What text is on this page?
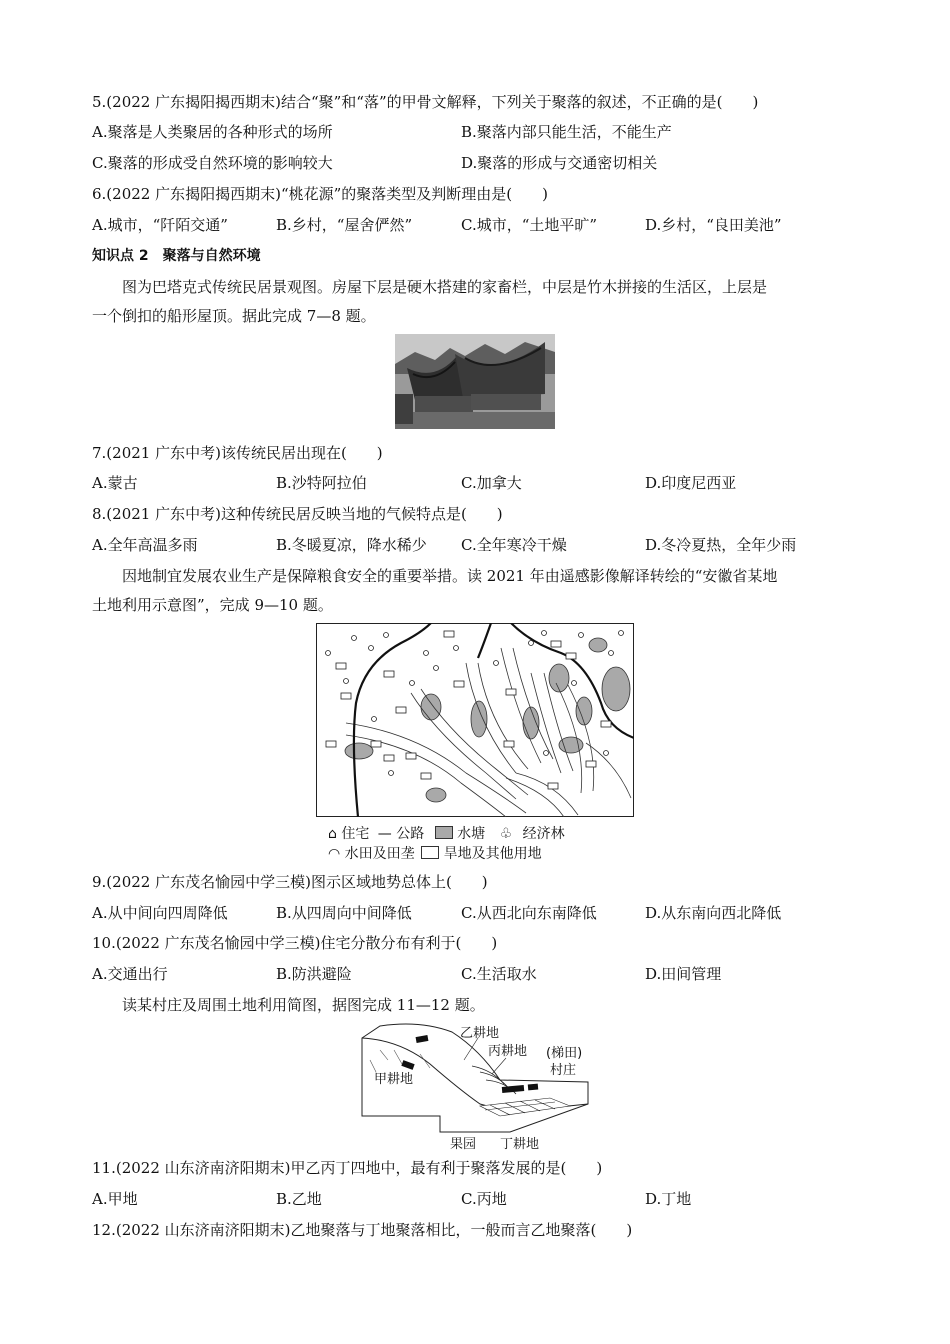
5.(2022 广东揭阳揭西期末)结合“聚”和“落”的甲骨文解释，下列关于聚落的叙述，不正确的是(　　)
A.聚落是人类聚居的各种形式的场所	B.聚落内部只能生活，不能生产
C.聚落的形成受自然环境的影响较大	D.聚落的形成与交通密切相关
6.(2022 广东揭阳揭西期末)“桃花源”的聚落类型及判断理由是(　　)
A.城市，“阡陌交通”	B.乡村，“屋舍俨然”	C.城市，“土地平旷”	D.乡村，“良田美池”
知识点 2　聚落与自然环境
图为巴塔克式传统民居景观图。房屋下层是硬木搭建的家畜栏，中层是竹木拼接的生活区，上层是
一个倒扣的船形屋顶。据此完成 7—8 题。
7.(2021 广东中考)该传统民居出现在(　　)
A.蒙古	B.沙特阿拉伯	C.加拿大	D.印度尼西亚
8.(2021 广东中考)这种传统民居反映当地的气候特点是(　　)
A.全年高温多雨	B.冬暖夏凉，降水稀少 C.全年寒冷干燥	D.冬冷夏热，全年少雨
因地制宜发展农业生产是保障粮食安全的重要举措。读 2021 年由遥感影像解译转绘的“安徽省某地
土地利用示意图”，完成 9—10 题。
⌂ 住宅 — 公路 水塘 ♧ 经济林
◠ 水田及田垄 旱地及其他用地
9.(2022 广东茂名愉园中学三模)图示区域地势总体上(　　)
A.从中间向四周降低	B.从四周向中间降低	C.从西北向东南降低	D.从东南向西北降低
10.(2022 广东茂名愉园中学三模)住宅分散分布有利于(　　)
A.交通出行	B.防洪避险	C.生活取水	D.田间管理
读某村庄及周围土地利用简图，据图完成 11—12 题。
乙耕地
丙耕地 (梯田)
村庄
甲耕地
果园 丁耕地
11.(2022 山东济南济阳期末)甲乙丙丁四地中，最有利于聚落发展的是(　　)
A.甲地	B.乙地	C.丙地	D.丁地
12.(2022 山东济南济阳期末)乙地聚落与丁地聚落相比，一般而言乙地聚落(　　)
